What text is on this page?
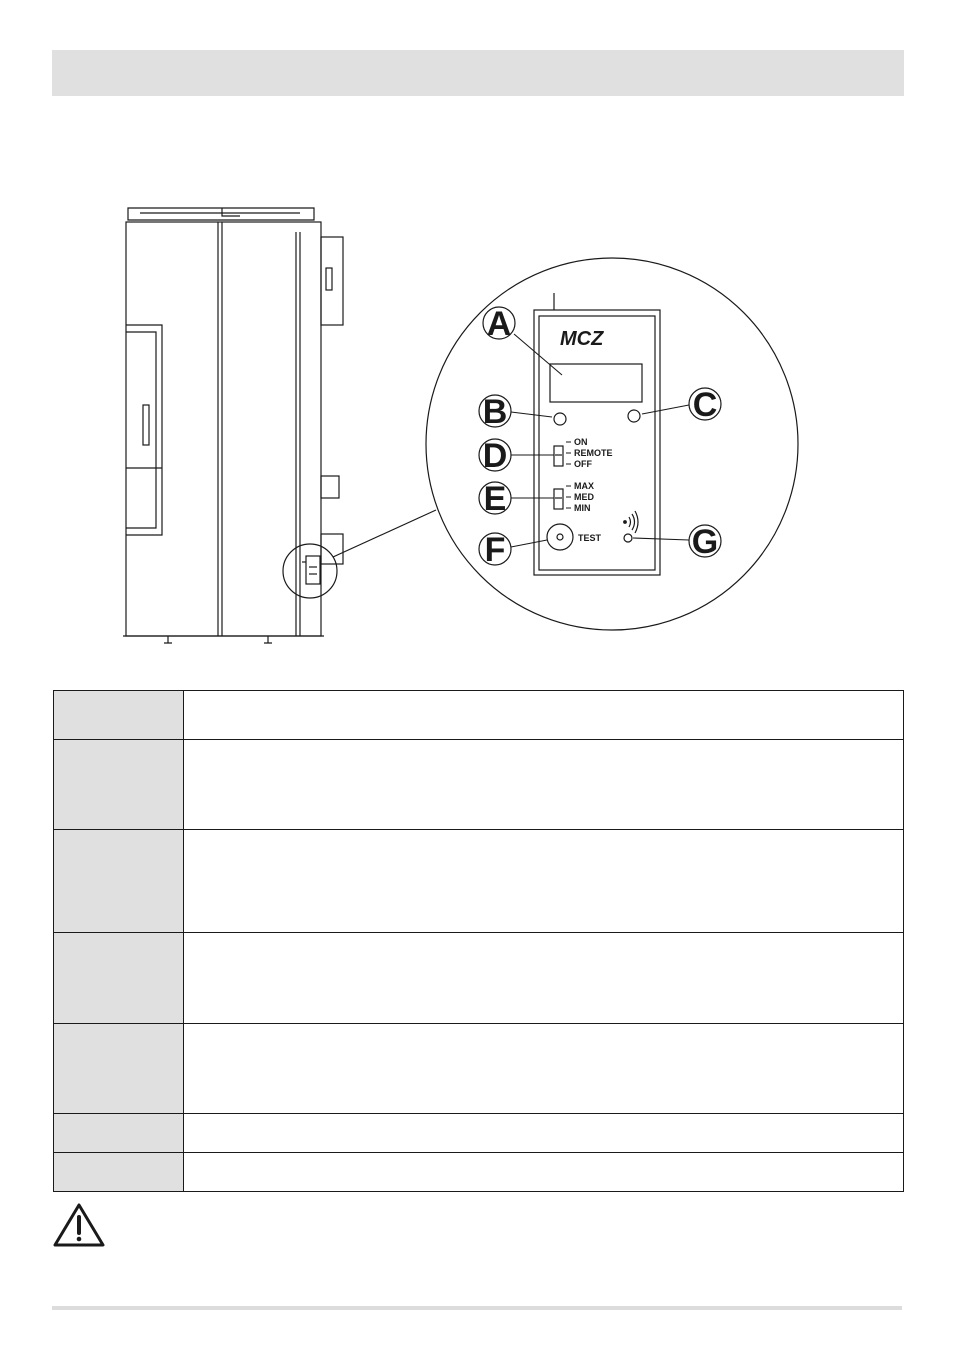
MCZ
ON
REMOTE
OFF
MAX
MED
MIN
TEST
A
B	C
D
E
F	G
